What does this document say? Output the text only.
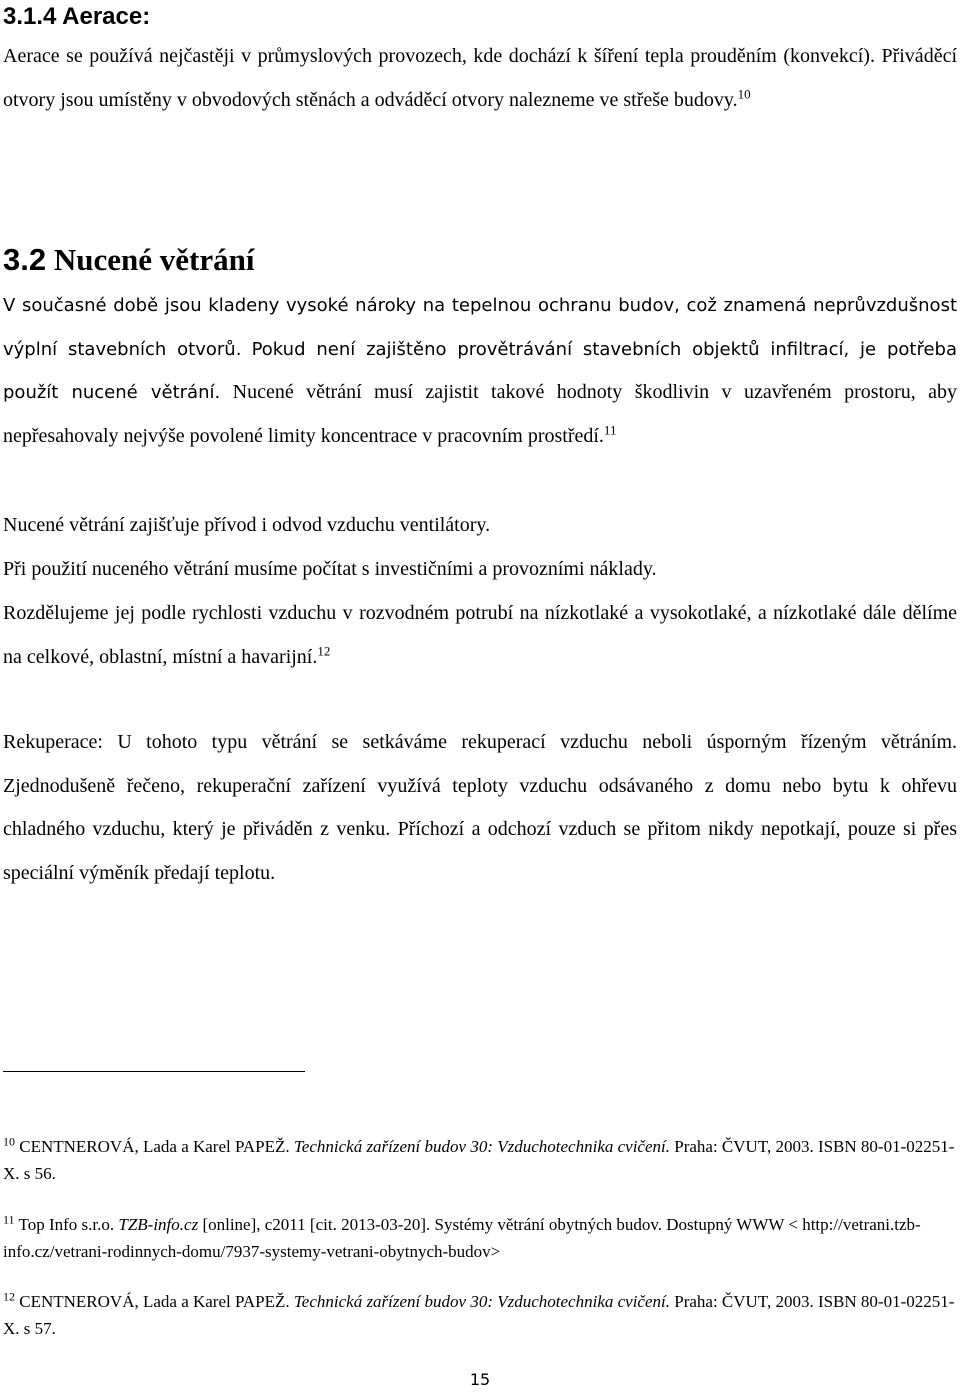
3.1.4 Aerace:

Aerace se používá nejčastěji v průmyslových provozech, kde dochází k šíření tepla prouděním (konvekcí). Přiváděcí otvory jsou umístěny v obvodových stěnách a odváděcí otvory nalezneme ve střeše budovy.$^{10}$

3.2 Nucené větrání

V současné době jsou kladeny vysoké nároky na tepelnou ochranu budov, což znamená neprůvzdušnost výplní stavebních otvorů. Pokud není zajištěno provětrávání stavebních objektů infiltrací, je potřeba použít nucené větrání. Nucené větrání musí zajistit takové hodnoty škodlivin v uzavřeném prostoru, aby nepřesahovaly nejvýše povolené limity koncentrace v pracovním prostředí.$^{11}$

Nucené větrání zajišťuje přívod i odvod vzduchu ventilátory.

Při použití nuceného větrání musíme počítat s investičními a provozními náklady.

Rozdělujeme jej podle rychlosti vzduchu v rozvodném potrubí na nízkotlaké a vysokotlaké, a nízkotlaké dále dělíme na celkové, oblastní, místní a havarijní.$^{12}$

Rekuperace: U tohoto typu větrání se setkáváme rekuperací vzduchu neboli úsporným řízeným větráním. Zjednodušeně řečeno, rekuperační zařízení využívá teploty vzduchu odsávaného z domu nebo bytu k ohřevu chladného vzduchu, který je přiváděn z venku. Příchozí a odchozí vzduch se přitom nikdy nepotkají, pouze si přes speciální výměník předají teplotu.

$^{10}$ CENTNEROVÁ, Lada a Karel PAPEŽ. Technická zařízení budov 30: Vzduchotechnika cvičení. Praha: ČVUT, 2003. ISBN 80-01-02251-X. s 56.

$^{11}$ Top Info s.r.o. TZB-info.cz [online], c2011 [cit. 2013-03-20]. Systémy větrání obytných budov. Dostupný WWW < http://vetrani.tzb-info.cz/vetrani-rodinnych-domu/7937-systemy-vetrani-obytnych-budov>

$^{12}$ CENTNEROVÁ, Lada a Karel PAPEŽ. Technická zařízení budov 30: Vzduchotechnika cvičení. Praha: ČVUT, 2003. ISBN 80-01-02251-X. s 57.

15
